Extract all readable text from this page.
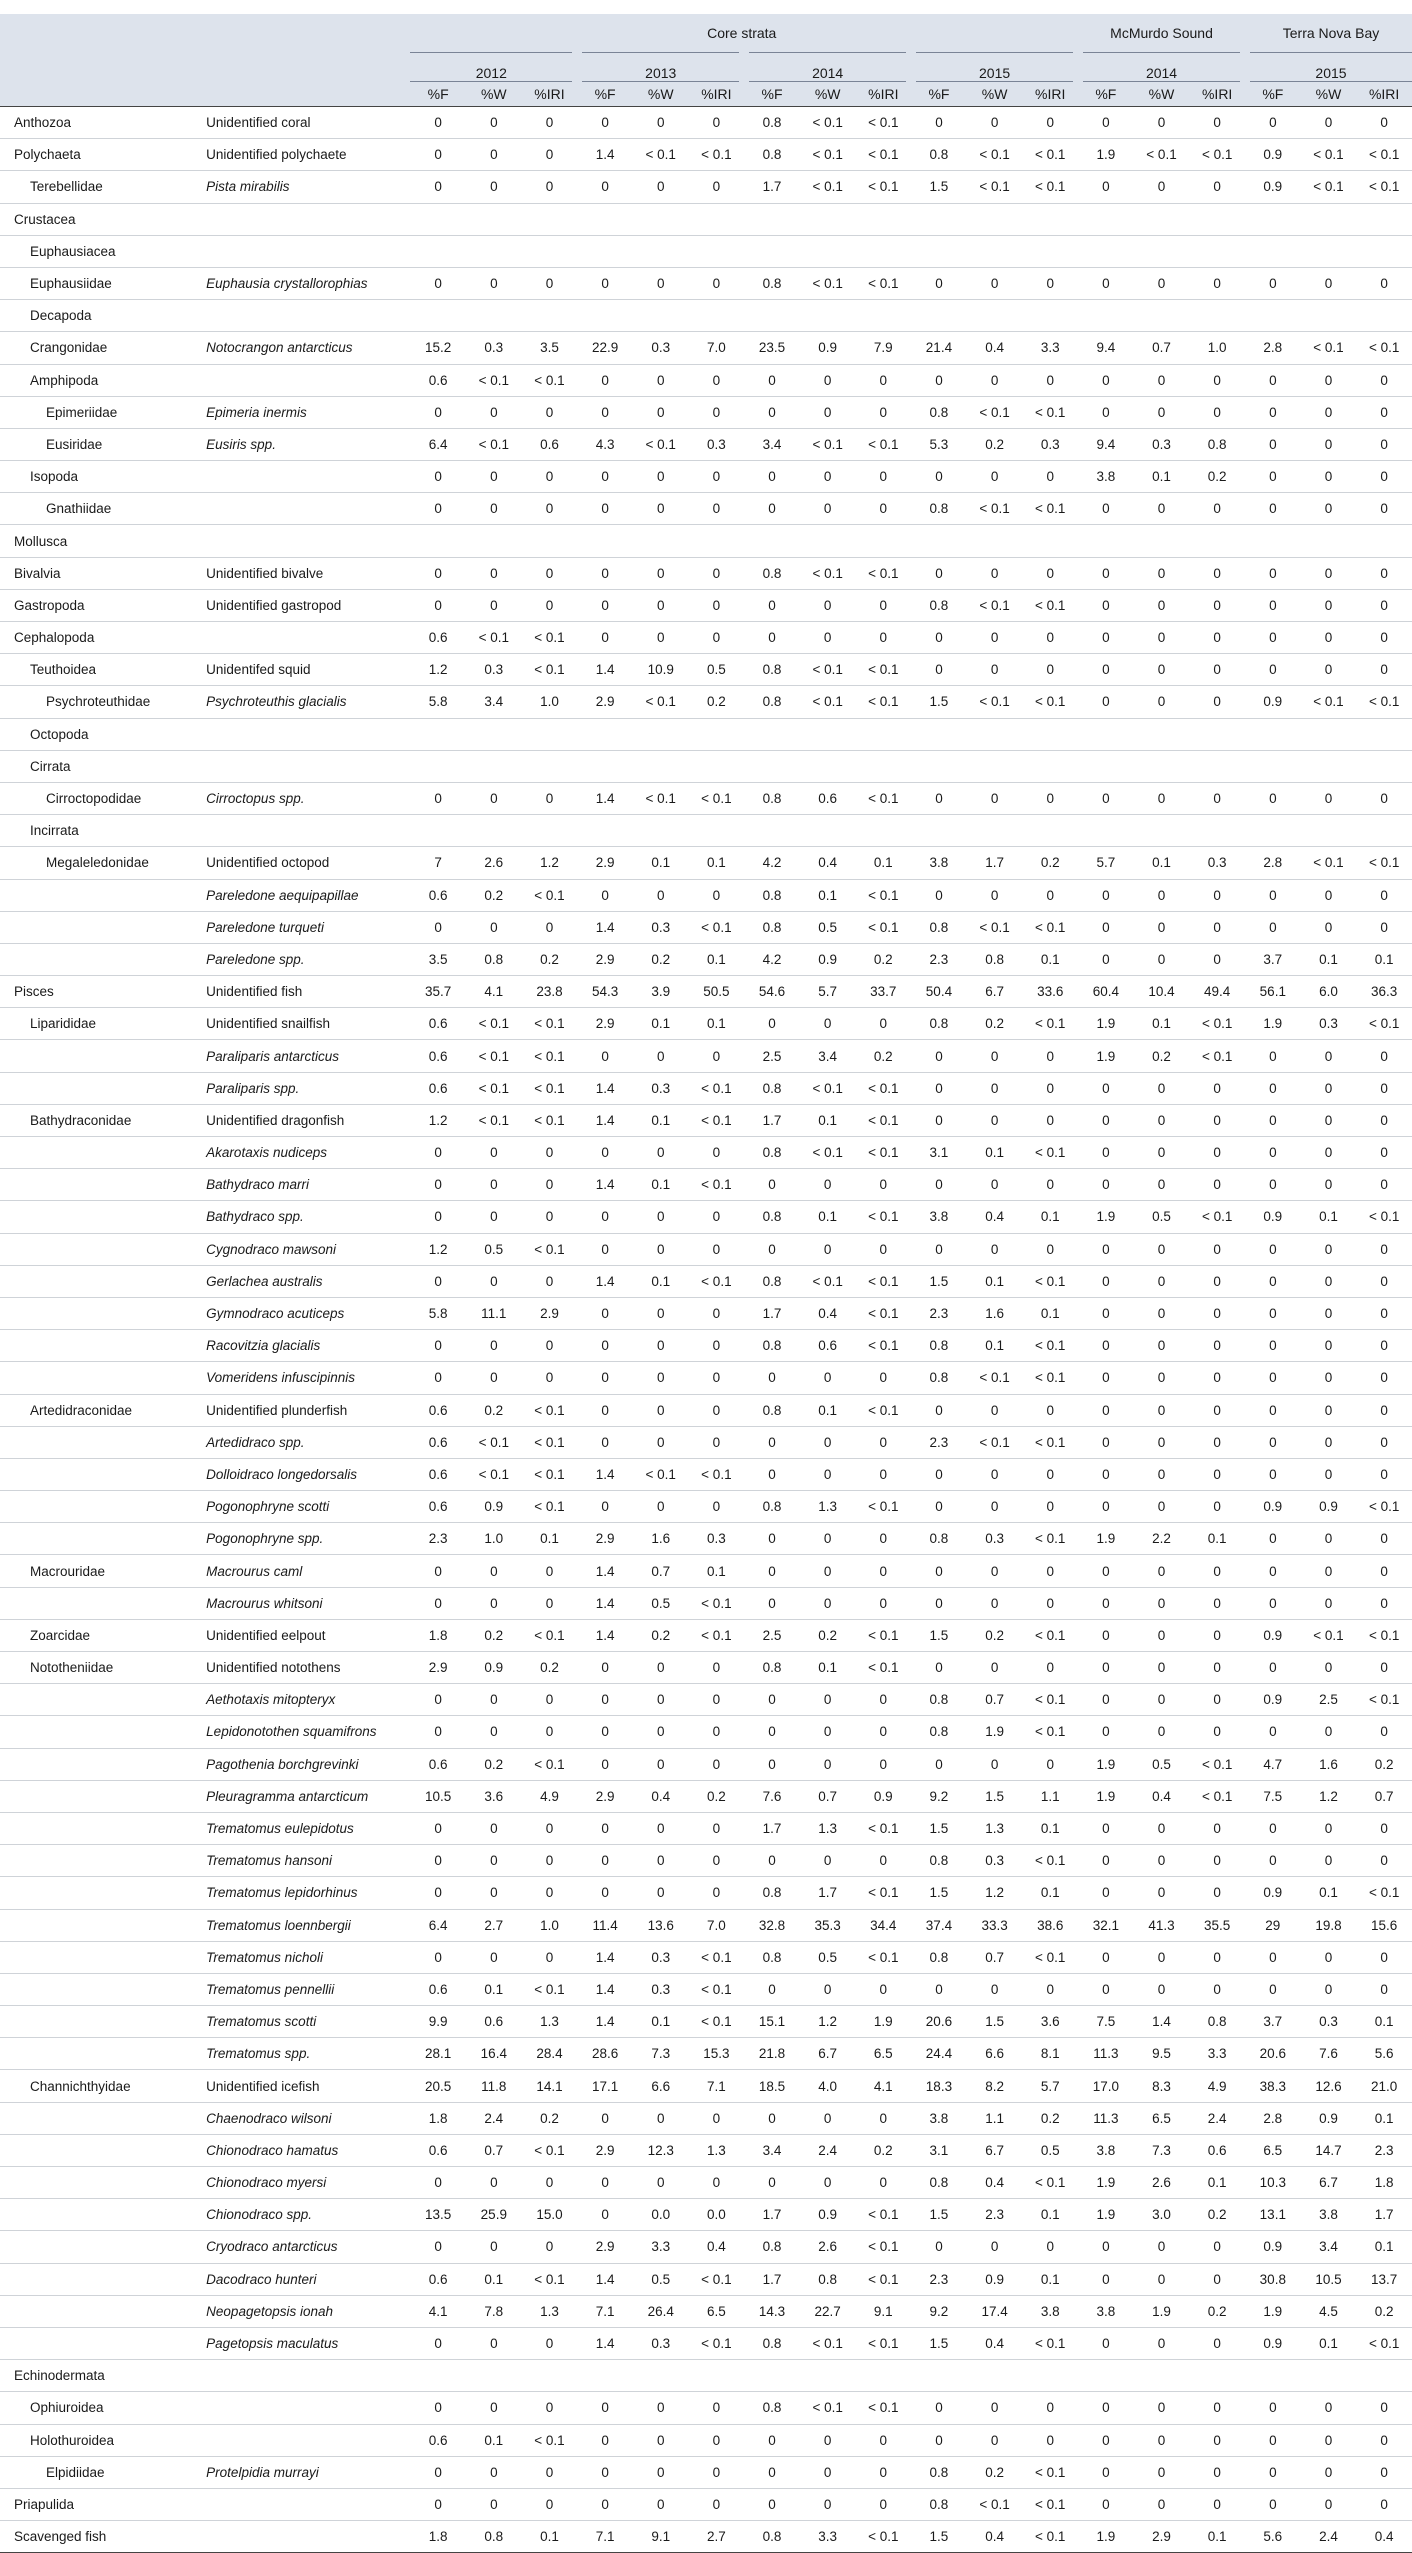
		Core strata												McMurdo Sound			Terra Nova Bay		
		2012			2013			2014			2015			2014			2015		
		%F	%W	%IRI	%F	%W	%IRI	%F	%W	%IRI	%F	%W	%IRI	%F	%W	%IRI	%F	%W	%IRI
Anthozoa	Unidentified coral	0	0	0	0	0	0	0.8	< 0.1	< 0.1	0	0	0	0	0	0	0	0	0
Polychaeta	Unidentified polychaete	0	0	0	1.4	< 0.1	< 0.1	0.8	< 0.1	< 0.1	0.8	< 0.1	< 0.1	1.9	< 0.1	< 0.1	0.9	< 0.1	< 0.1
Terebellidae	Pista mirabilis	0	0	0	0	0	0	1.7	< 0.1	< 0.1	1.5	< 0.1	< 0.1	0	0	0	0.9	< 0.1	< 0.1
Crustacea																			
Euphausiacea																			
Euphausiidae	Euphausia crystallorophias	0	0	0	0	0	0	0.8	< 0.1	< 0.1	0	0	0	0	0	0	0	0	0
Decapoda																			
Crangonidae	Notocrangon antarcticus	15.2	0.3	3.5	22.9	0.3	7.0	23.5	0.9	7.9	21.4	0.4	3.3	9.4	0.7	1.0	2.8	< 0.1	< 0.1
Amphipoda		0.6	< 0.1	< 0.1	0	0	0	0	0	0	0	0	0	0	0	0	0	0	0
Epimeriidae	Epimeria inermis	0	0	0	0	0	0	0	0	0	0.8	< 0.1	< 0.1	0	0	0	0	0	0
Eusiridae	Eusiris spp.	6.4	< 0.1	0.6	4.3	< 0.1	0.3	3.4	< 0.1	< 0.1	5.3	0.2	0.3	9.4	0.3	0.8	0	0	0
Isopoda		0	0	0	0	0	0	0	0	0	0	0	0	3.8	0.1	0.2	0	0	0
Gnathiidae		0	0	0	0	0	0	0	0	0	0.8	< 0.1	< 0.1	0	0	0	0	0	0
Mollusca																			
Bivalvia	Unidentified bivalve	0	0	0	0	0	0	0.8	< 0.1	< 0.1	0	0	0	0	0	0	0	0	0
Gastropoda	Unidentified gastropod	0	0	0	0	0	0	0	0	0	0.8	< 0.1	< 0.1	0	0	0	0	0	0
Cephalopoda		0.6	< 0.1	< 0.1	0	0	0	0	0	0	0	0	0	0	0	0	0	0	0
Teuthoidea	Unidentifed squid	1.2	0.3	< 0.1	1.4	10.9	0.5	0.8	< 0.1	< 0.1	0	0	0	0	0	0	0	0	0
Psychroteuthidae	Psychroteuthis glacialis	5.8	3.4	1.0	2.9	< 0.1	0.2	0.8	< 0.1	< 0.1	1.5	< 0.1	< 0.1	0	0	0	0.9	< 0.1	< 0.1
Octopoda																			
Cirrata																			
Cirroctopodidae	Cirroctopus spp.	0	0	0	1.4	< 0.1	< 0.1	0.8	0.6	< 0.1	0	0	0	0	0	0	0	0	0
Incirrata																			
Megaleledonidae	Unidentified octopod	7	2.6	1.2	2.9	0.1	0.1	4.2	0.4	0.1	3.8	1.7	0.2	5.7	0.1	0.3	2.8	< 0.1	< 0.1
	Pareledone aequipapillae	0.6	0.2	< 0.1	0	0	0	0.8	0.1	< 0.1	0	0	0	0	0	0	0	0	0
	Pareledone turqueti	0	0	0	1.4	0.3	< 0.1	0.8	0.5	< 0.1	0.8	< 0.1	< 0.1	0	0	0	0	0	0
	Pareledone spp.	3.5	0.8	0.2	2.9	0.2	0.1	4.2	0.9	0.2	2.3	0.8	0.1	0	0	0	3.7	0.1	0.1
Pisces	Unidentified fish	35.7	4.1	23.8	54.3	3.9	50.5	54.6	5.7	33.7	50.4	6.7	33.6	60.4	10.4	49.4	56.1	6.0	36.3
Liparididae	Unidentified snailfish	0.6	< 0.1	< 0.1	2.9	0.1	0.1	0	0	0	0.8	0.2	< 0.1	1.9	0.1	< 0.1	1.9	0.3	< 0.1
	Paraliparis antarcticus	0.6	< 0.1	< 0.1	0	0	0	2.5	3.4	0.2	0	0	0	1.9	0.2	< 0.1	0	0	0
	Paraliparis spp.	0.6	< 0.1	< 0.1	1.4	0.3	< 0.1	0.8	< 0.1	< 0.1	0	0	0	0	0	0	0	0	0
Bathydraconidae	Unidentified dragonfish	1.2	< 0.1	< 0.1	1.4	0.1	< 0.1	1.7	0.1	< 0.1	0	0	0	0	0	0	0	0	0
	Akarotaxis nudiceps	0	0	0	0	0	0	0.8	< 0.1	< 0.1	3.1	0.1	< 0.1	0	0	0	0	0	0
	Bathydraco marri	0	0	0	1.4	0.1	< 0.1	0	0	0	0	0	0	0	0	0	0	0	0
	Bathydraco spp.	0	0	0	0	0	0	0.8	0.1	< 0.1	3.8	0.4	0.1	1.9	0.5	< 0.1	0.9	0.1	< 0.1
	Cygnodraco mawsoni	1.2	0.5	< 0.1	0	0	0	0	0	0	0	0	0	0	0	0	0	0	0
	Gerlachea australis	0	0	0	1.4	0.1	< 0.1	0.8	< 0.1	< 0.1	1.5	0.1	< 0.1	0	0	0	0	0	0
	Gymnodraco acuticeps	5.8	11.1	2.9	0	0	0	1.7	0.4	< 0.1	2.3	1.6	0.1	0	0	0	0	0	0
	Racovitzia glacialis	0	0	0	0	0	0	0.8	0.6	< 0.1	0.8	0.1	< 0.1	0	0	0	0	0	0
	Vomeridens infuscipinnis	0	0	0	0	0	0	0	0	0	0.8	< 0.1	< 0.1	0	0	0	0	0	0
Artedidraconidae	Unidentified plunderfish	0.6	0.2	< 0.1	0	0	0	0.8	0.1	< 0.1	0	0	0	0	0	0	0	0	0
	Artedidraco spp.	0.6	< 0.1	< 0.1	0	0	0	0	0	0	2.3	< 0.1	< 0.1	0	0	0	0	0	0
	Dolloidraco longedorsalis	0.6	< 0.1	< 0.1	1.4	< 0.1	< 0.1	0	0	0	0	0	0	0	0	0	0	0	0
	Pogonophryne scotti	0.6	0.9	< 0.1	0	0	0	0.8	1.3	< 0.1	0	0	0	0	0	0	0.9	0.9	< 0.1
	Pogonophryne spp.	2.3	1.0	0.1	2.9	1.6	0.3	0	0	0	0.8	0.3	< 0.1	1.9	2.2	0.1	0	0	0
Macrouridae	Macrourus caml	0	0	0	1.4	0.7	0.1	0	0	0	0	0	0	0	0	0	0	0	0
	Macrourus whitsoni	0	0	0	1.4	0.5	< 0.1	0	0	0	0	0	0	0	0	0	0	0	0
Zoarcidae	Unidentified eelpout	1.8	0.2	< 0.1	1.4	0.2	< 0.1	2.5	0.2	< 0.1	1.5	0.2	< 0.1	0	0	0	0.9	< 0.1	< 0.1
Nototheniidae	Unidentified notothens	2.9	0.9	0.2	0	0	0	0.8	0.1	< 0.1	0	0	0	0	0	0	0	0	0
	Aethotaxis mitopteryx	0	0	0	0	0	0	0	0	0	0.8	0.7	< 0.1	0	0	0	0.9	2.5	< 0.1
	Lepidonotothen squamifrons	0	0	0	0	0	0	0	0	0	0.8	1.9	< 0.1	0	0	0	0	0	0
	Pagothenia borchgrevinki	0.6	0.2	< 0.1	0	0	0	0	0	0	0	0	0	1.9	0.5	< 0.1	4.7	1.6	0.2
	Pleuragramma antarcticum	10.5	3.6	4.9	2.9	0.4	0.2	7.6	0.7	0.9	9.2	1.5	1.1	1.9	0.4	< 0.1	7.5	1.2	0.7
	Trematomus eulepidotus	0	0	0	0	0	0	1.7	1.3	< 0.1	1.5	1.3	0.1	0	0	0	0	0	0
	Trematomus hansoni	0	0	0	0	0	0	0	0	0	0.8	0.3	< 0.1	0	0	0	0	0	0
	Trematomus lepidorhinus	0	0	0	0	0	0	0.8	1.7	< 0.1	1.5	1.2	0.1	0	0	0	0.9	0.1	< 0.1
	Trematomus loennbergii	6.4	2.7	1.0	11.4	13.6	7.0	32.8	35.3	34.4	37.4	33.3	38.6	32.1	41.3	35.5	29	19.8	15.6
	Trematomus nicholi	0	0	0	1.4	0.3	< 0.1	0.8	0.5	< 0.1	0.8	0.7	< 0.1	0	0	0	0	0	0
	Trematomus pennellii	0.6	0.1	< 0.1	1.4	0.3	< 0.1	0	0	0	0	0	0	0	0	0	0	0	0
	Trematomus scotti	9.9	0.6	1.3	1.4	0.1	< 0.1	15.1	1.2	1.9	20.6	1.5	3.6	7.5	1.4	0.8	3.7	0.3	0.1
	Trematomus spp.	28.1	16.4	28.4	28.6	7.3	15.3	21.8	6.7	6.5	24.4	6.6	8.1	11.3	9.5	3.3	20.6	7.6	5.6
Channichthyidae	Unidentified icefish	20.5	11.8	14.1	17.1	6.6	7.1	18.5	4.0	4.1	18.3	8.2	5.7	17.0	8.3	4.9	38.3	12.6	21.0
	Chaenodraco wilsoni	1.8	2.4	0.2	0	0	0	0	0	0	3.8	1.1	0.2	11.3	6.5	2.4	2.8	0.9	0.1
	Chionodraco hamatus	0.6	0.7	< 0.1	2.9	12.3	1.3	3.4	2.4	0.2	3.1	6.7	0.5	3.8	7.3	0.6	6.5	14.7	2.3
	Chionodraco myersi	0	0	0	0	0	0	0	0	0	0.8	0.4	< 0.1	1.9	2.6	0.1	10.3	6.7	1.8
	Chionodraco spp.	13.5	25.9	15.0	0	0.0	0.0	1.7	0.9	< 0.1	1.5	2.3	0.1	1.9	3.0	0.2	13.1	3.8	1.7
	Cryodraco antarcticus	0	0	0	2.9	3.3	0.4	0.8	2.6	< 0.1	0	0	0	0	0	0	0.9	3.4	0.1
	Dacodraco hunteri	0.6	0.1	< 0.1	1.4	0.5	< 0.1	1.7	0.8	< 0.1	2.3	0.9	0.1	0	0	0	30.8	10.5	13.7
	Neopagetopsis ionah	4.1	7.8	1.3	7.1	26.4	6.5	14.3	22.7	9.1	9.2	17.4	3.8	3.8	1.9	0.2	1.9	4.5	0.2
	Pagetopsis maculatus	0	0	0	1.4	0.3	< 0.1	0.8	< 0.1	< 0.1	1.5	0.4	< 0.1	0	0	0	0.9	0.1	< 0.1
Echinodermata																			
Ophiuroidea		0	0	0	0	0	0	0.8	< 0.1	< 0.1	0	0	0	0	0	0	0	0	0
Holothuroidea		0.6	0.1	< 0.1	0	0	0	0	0	0	0	0	0	0	0	0	0	0	0
Elpidiidae	Protelpidia murrayi	0	0	0	0	0	0	0	0	0	0.8	0.2	< 0.1	0	0	0	0	0	0
Priapulida		0	0	0	0	0	0	0	0	0	0.8	< 0.1	< 0.1	0	0	0	0	0	0
Scavenged fish		1.8	0.8	0.1	7.1	9.1	2.7	0.8	3.3	< 0.1	1.5	0.4	< 0.1	1.9	2.9	0.1	5.6	2.4	0.4
